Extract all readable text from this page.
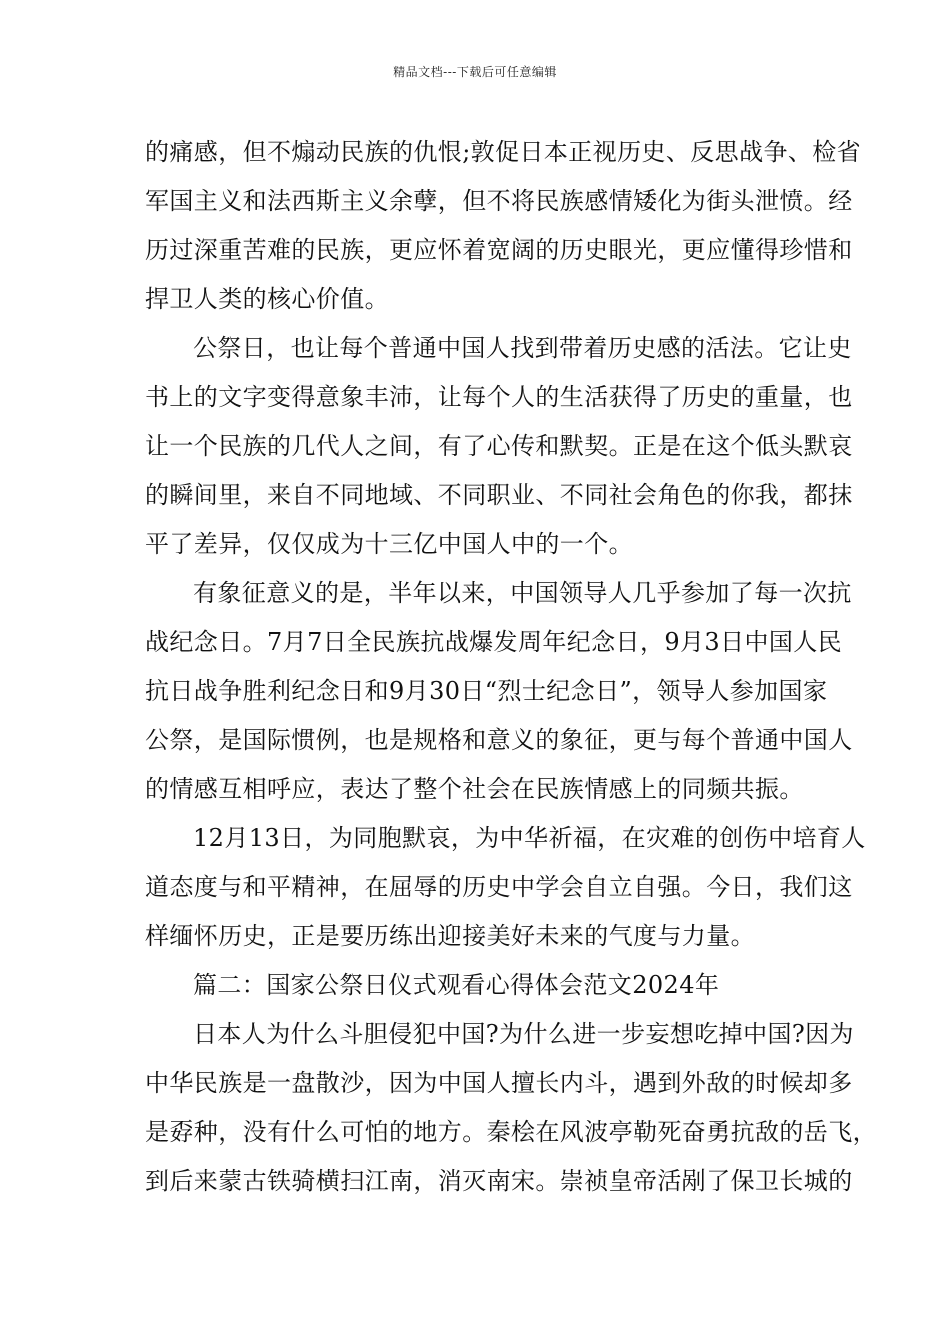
精品文档---下载后可任意编辑
的痛感，但不煽动民族的仇恨;敦促日本正视历史、反思战争、检省
军国主义和法西斯主义余孽，但不将民族感情矮化为街头泄愤。经
历过深重苦难的民族，更应怀着宽阔的历史眼光，更应懂得珍惜和
捍卫人类的核心价值。
公祭日，也让每个普通中国人找到带着历史感的活法。它让史
书上的文字变得意象丰沛，让每个人的生活获得了历史的重量，也
让一个民族的几代人之间，有了心传和默契。正是在这个低头默哀
的瞬间里，来自不同地域、不同职业、不同社会角色的你我，都抹
平了差异，仅仅成为十三亿中国人中的一个。
有象征意义的是，半年以来，中国领导人几乎参加了每一次抗
战纪念日。7月7日全民族抗战爆发周年纪念日，9月3日中国人民
抗日战争胜利纪念日和9月30日“烈士纪念日”，领导人参加国家
公祭，是国际惯例，也是规格和意义的象征，更与每个普通中国人
的情感互相呼应，表达了整个社会在民族情感上的同频共振。
12月13日，为同胞默哀，为中华祈福，在灾难的创伤中培育人
道态度与和平精神，在屈辱的历史中学会自立自强。今日，我们这
样缅怀历史，正是要历练出迎接美好未来的气度与力量。
篇二：国家公祭日仪式观看心得体会范文2024年
日本人为什么斗胆侵犯中国?为什么进一步妄想吃掉中国?因为
中华民族是一盘散沙，因为中国人擅长内斗，遇到外敌的时候却多
是孬种，没有什么可怕的地方。秦桧在风波亭勒死奋勇抗敌的岳飞，
到后来蒙古铁骑横扫江南，消灭南宋。崇祯皇帝活剐了保卫长城的
